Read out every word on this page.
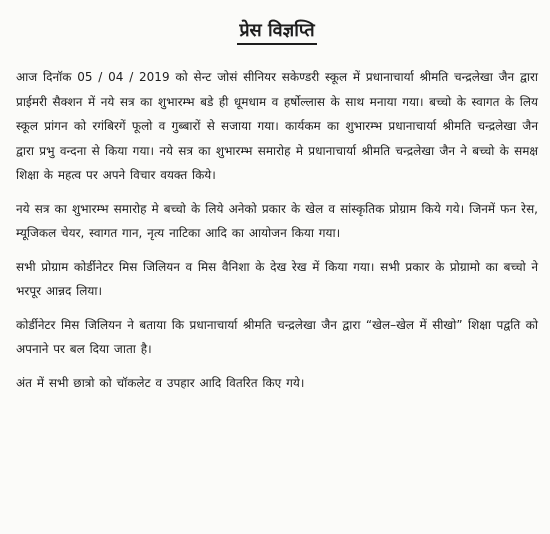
प्रेस विज्ञप्ति

आज दिनॉक 05 / 04 / 2019 को सेन्ट जोसं सीनियर सकेण्डरी स्कूल में प्रधानाचार्या श्रीमति चन्द्रलेखा जैन द्वारा प्राईमरी सैक्शन में नये सत्र का शुभारम्भ बडे ही धूमधाम व हर्षोल्लास के साथ मनाया गया। बच्चो के स्वागत के लिय स्कूल प्रांगन को रगंबिरगें फूलो व गुब्बारों से सजाया गया। कार्यकम का शुभारम्भ प्रधानाचार्या श्रीमति चन्द्रलेखा जैन द्वारा प्रभु वन्दना से किया गया। नये सत्र का शुभारम्भ समारोह मे प्रधानाचार्या श्रीमति चन्द्रलेखा जैन ने बच्चो के समक्ष शिक्षा के महत्व पर अपने विचार वयक्त किये।

नये सत्र का शुभारम्भ समारोह मे बच्चो के लिये अनेको प्रकार के खेल व सांस्कृतिक प्रोग्राम किये गये। जिनमें फन रेस, म्यूजिकल चेयर, स्वागत गान, नृत्य नाटिका आदि का आयोजन किया गया।

सभी प्रोग्राम कोर्डीनेटर मिस जिलियन व मिस वैनिशा के देख रेख में किया गया। सभी प्रकार के प्रोग्रामो का बच्चो ने भरपूर आन्नद लिया।

कोर्डीनेटर मिस जिलियन ने बताया कि प्रधानाचार्या श्रीमति चन्द्रलेखा जैन द्वारा “खेल–खेल में सीखो” शिक्षा पद्वति को अपनाने पर बल दिया जाता है।

अंत में सभी छात्रो को चॉकलेट व उपहार आदि वितरित किए गये।
